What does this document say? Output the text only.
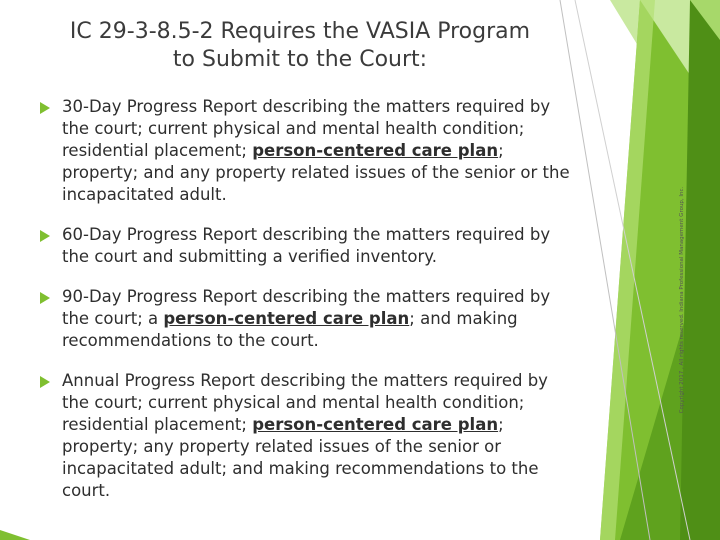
IC 29-3-8.5-2 Requires the VASIA Program
to Submit to the Court:
30-Day Progress Report describing the matters required by the court; current physical and mental health condition; residential placement; person-centered care plan; property; and any property related issues of the senior or the incapacitated adult.
60-Day Progress Report describing the matters required by the court and submitting a verified inventory.
90-Day Progress Report describing the matters required by the court; a person-centered care plan; and making recommendations to the court.
Annual Progress Report describing the matters required by the court; current physical and mental health condition; residential placement; person-centered care plan; property; any property related issues of the senior or incapacitated adult; and making recommendations to the court.
Copyright 2017 , All rights reserved. Indiana Professional Management Group, Inc.
